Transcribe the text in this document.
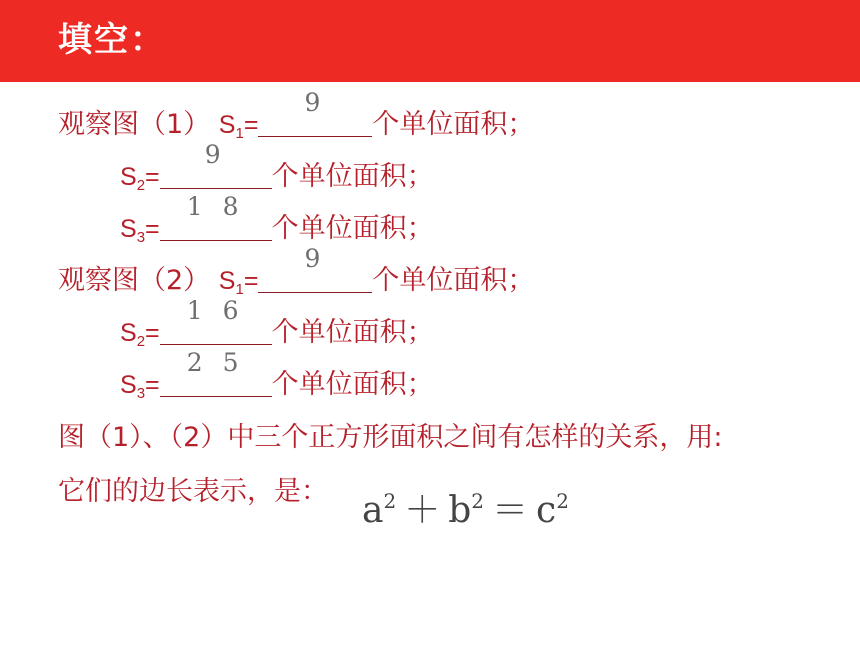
填空：
观察图（1） $S_1=$
9
个单位面积；
$S_2=$
9
个单位面积；
$S_3=$
1 8
个单位面积；
观察图（2） $S_1=$
9
个单位面积；
$S_2=$
1 6
个单位面积；
$S_3=$
2 5
个单位面积；
图（1）、（2）中三个正方形面积之间有怎样的关系，用:
它们的边长表示，是： $a^2 + b^2 = c^2$
